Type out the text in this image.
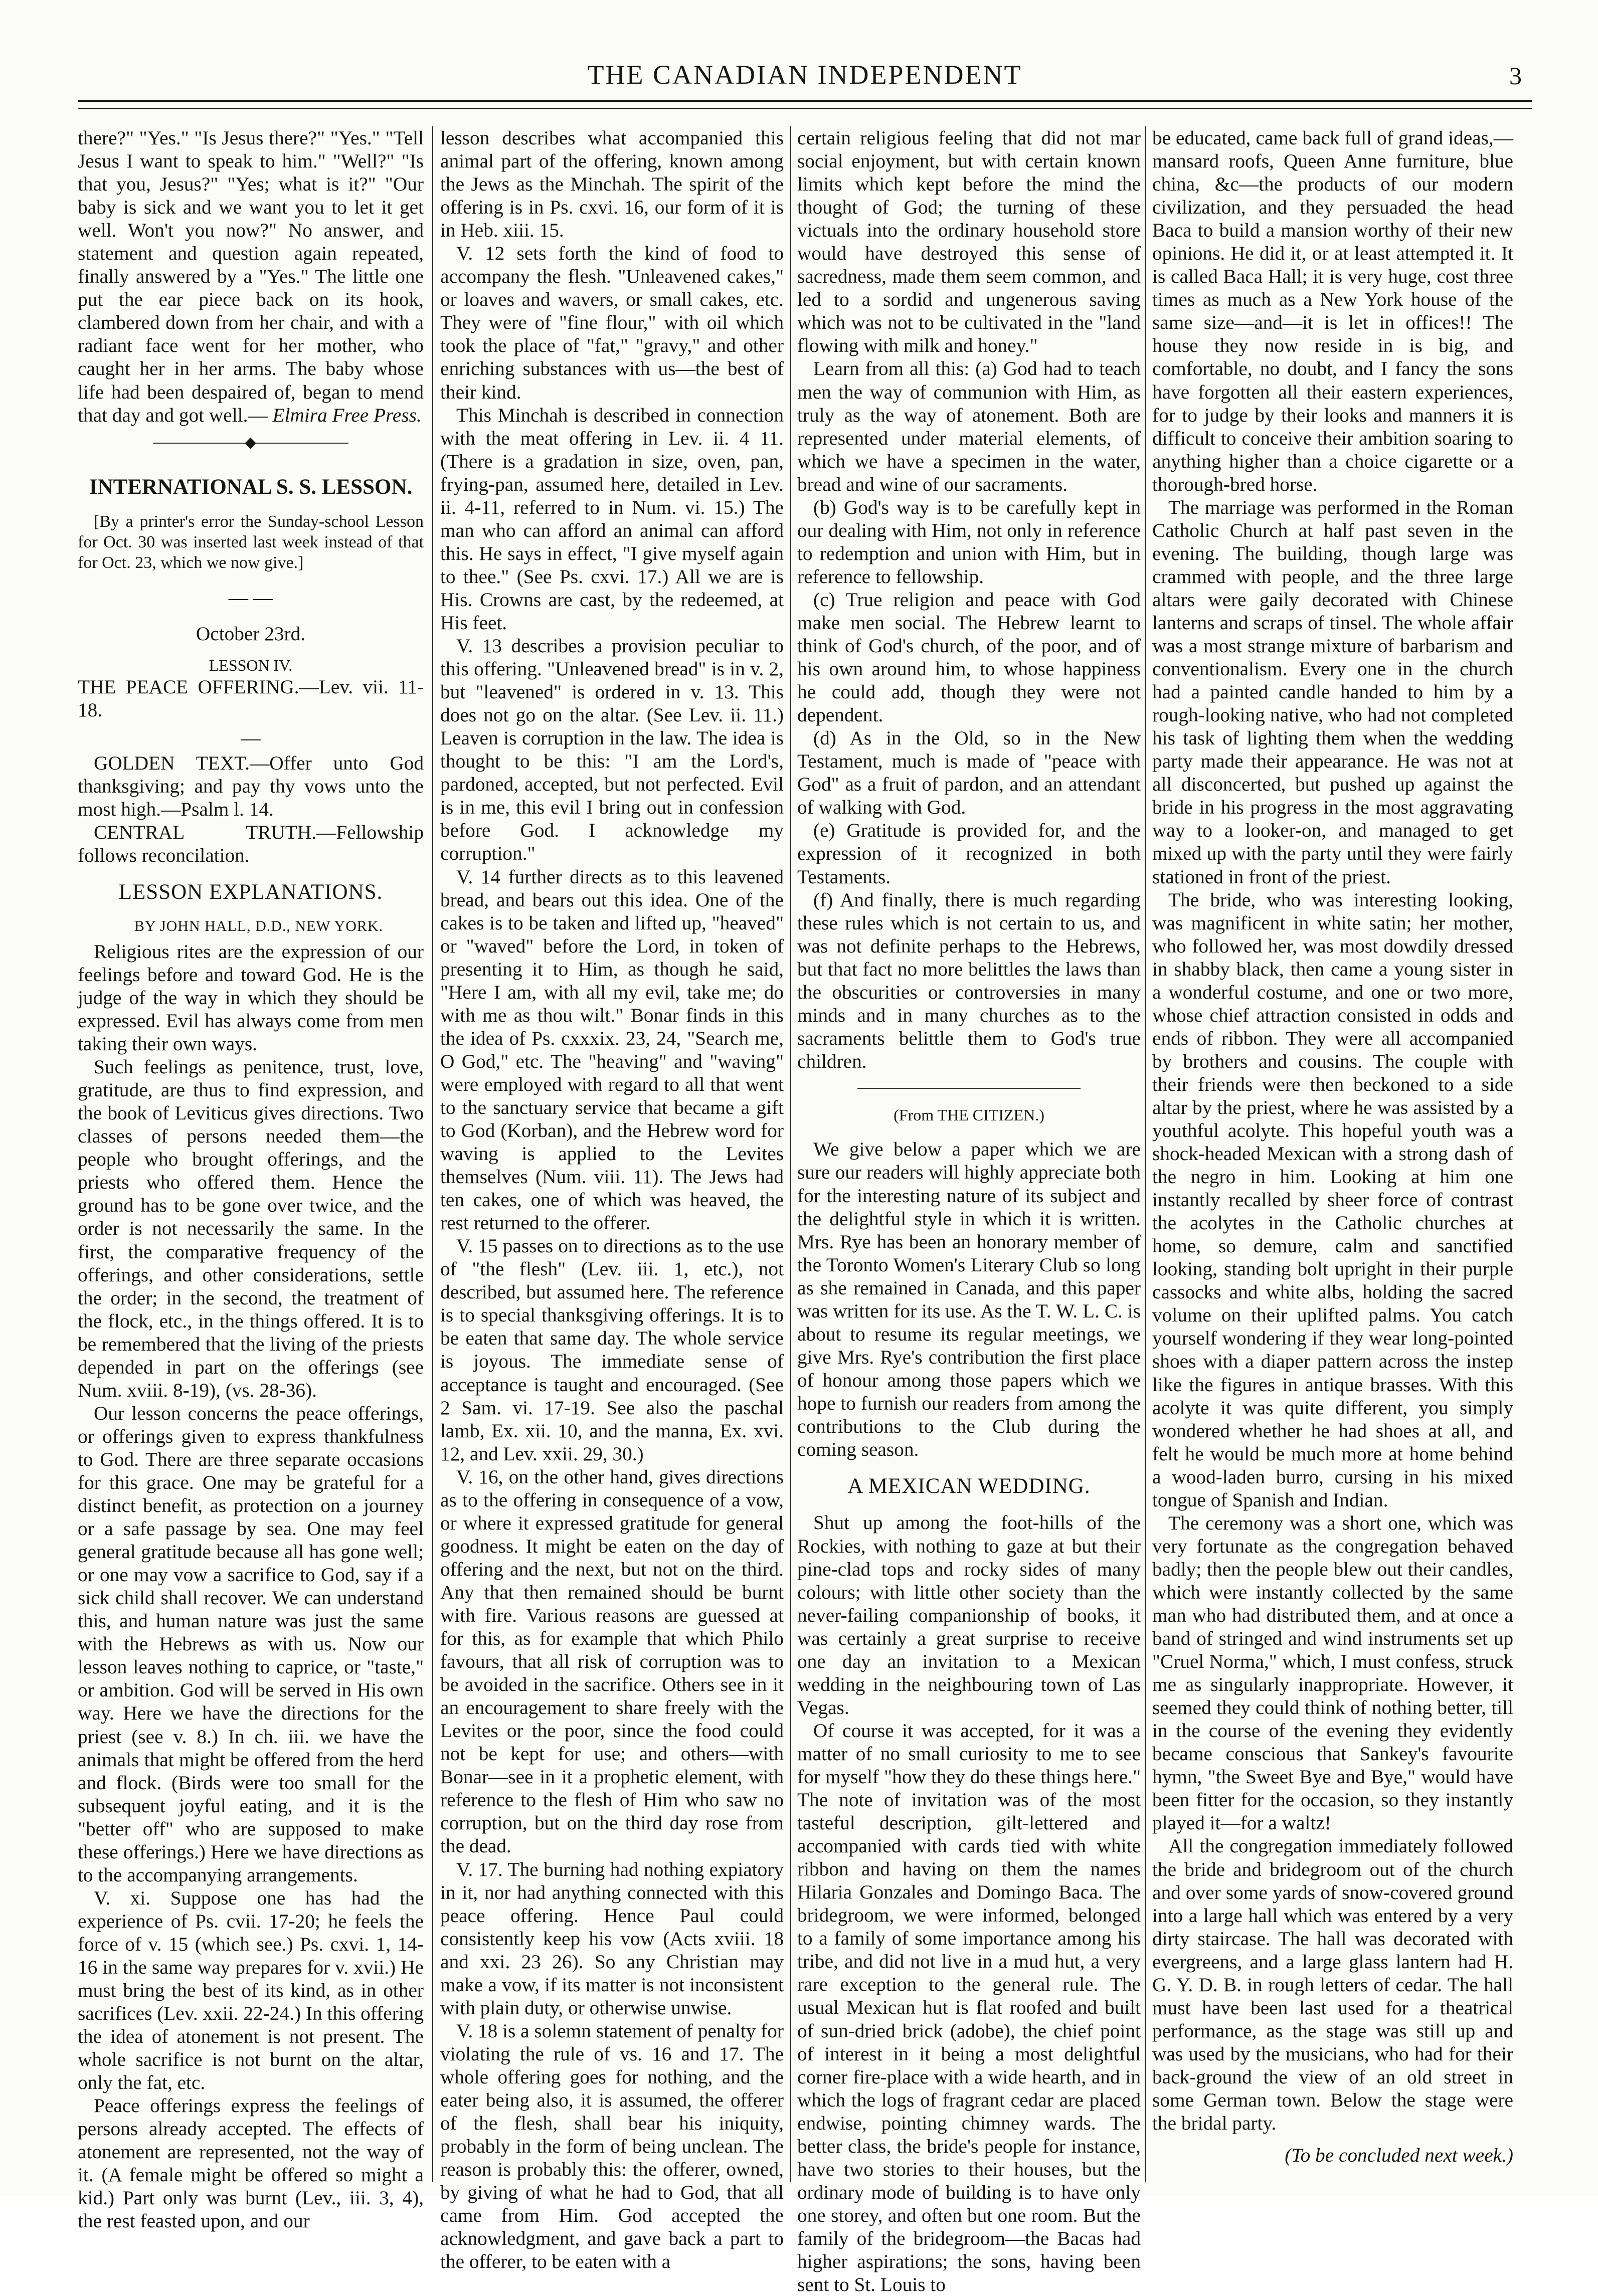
THE CANADIAN INDEPENDENT	3

there?" "Yes." "Is Jesus there?" "Yes." "Tell Jesus I want to speak to him." "Well?" "Is that you, Jesus?" "Yes; what is it?" "Our baby is sick and we want you to let it get well. Won't you now?" No answer, and statement and question again repeated, finally answered by a "Yes." The little one put the ear piece back on its hook, clambered down from her chair, and with a radiant face went for her mother, who caught her in her arms. The baby whose life had been despaired of, began to mend that day and got well.— Elmira Free Press.

◆
INTERNATIONAL S. S. LESSON.

[By a printer's error the Sunday-school Lesson for Oct. 30 was inserted last week instead of that for Oct. 23, which we now give.]

— —

October 23rd.

LESSON IV.

THE PEACE OFFERING.—Lev. vii. 11-18.

—

GOLDEN TEXT.—Offer unto God thanksgiving; and pay thy vows unto the most high.—Psalm l. 14.

CENTRAL TRUTH.—Fellowship follows reconcilation.

LESSON EXPLANATIONS.

BY JOHN HALL, D.D., NEW YORK.

Religious rites are the expression of our feelings before and toward God. He is the judge of the way in which they should be expressed. Evil has always come from men taking their own ways.

Such feelings as penitence, trust, love, gratitude, are thus to find expression, and the book of Leviticus gives directions. Two classes of persons needed them—the people who brought offerings, and the priests who offered them. Hence the ground has to be gone over twice, and the order is not necessarily the same. In the first, the comparative frequency of the offerings, and other considerations, settle the order; in the second, the treatment of the flock, etc., in the things offered. It is to be remembered that the living of the priests depended in part on the offerings (see Num. xviii. 8-19), (vs. 28-36).

Our lesson concerns the peace offerings, or offerings given to express thankfulness to God. There are three separate occasions for this grace. One may be grateful for a distinct benefit, as protection on a journey or a safe passage by sea. One may feel general gratitude because all has gone well; or one may vow a sacrifice to God, say if a sick child shall recover. We can understand this, and human nature was just the same with the Hebrews as with us. Now our lesson leaves nothing to caprice, or "taste," or ambition. God will be served in His own way. Here we have the directions for the priest (see v. 8.) In ch. iii. we have the animals that might be offered from the herd and flock. (Birds were too small for the subsequent joyful eating, and it is the "better off" who are supposed to make these offerings.) Here we have directions as to the accompanying arrangements.

V. xi. Suppose one has had the experience of Ps. cvii. 17-20; he feels the force of v. 15 (which see.) Ps. cxvi. 1, 14-16 in the same way prepares for v. xvii.) He must bring the best of its kind, as in other sacrifices (Lev. xxii. 22-24.) In this offering the idea of atonement is not present. The whole sacrifice is not burnt on the altar, only the fat, etc.

Peace offerings express the feelings of persons already accepted. The effects of atonement are represented, not the way of it. (A female might be offered so might a kid.) Part only was burnt (Lev., iii. 3, 4), the rest feasted upon, and our

lesson describes what accompanied this animal part of the offering, known among the Jews as the Minchah. The spirit of the offering is in Ps. cxvi. 16, our form of it is in Heb. xiii. 15.

V. 12 sets forth the kind of food to accompany the flesh. "Unleavened cakes," or loaves and wavers, or small cakes, etc. They were of "fine flour," with oil which took the place of "fat," "gravy," and other enriching substances with us—the best of their kind.

This Minchah is described in connection with the meat offering in Lev. ii. 4 11. (There is a gradation in size, oven, pan, frying-pan, assumed here, detailed in Lev. ii. 4-11, referred to in Num. vi. 15.) The man who can afford an animal can afford this. He says in effect, "I give myself again to thee." (See Ps. cxvi. 17.) All we are is His. Crowns are cast, by the redeemed, at His feet.

V. 13 describes a provision peculiar to this offering. "Unleavened bread" is in v. 2, but "leavened" is ordered in v. 13. This does not go on the altar. (See Lev. ii. 11.) Leaven is corruption in the law. The idea is thought to be this: "I am the Lord's, pardoned, accepted, but not perfected. Evil is in me, this evil I bring out in confession before God. I acknowledge my corruption."

V. 14 further directs as to this leavened bread, and bears out this idea. One of the cakes is to be taken and lifted up, "heaved" or "waved" before the Lord, in token of presenting it to Him, as though he said, "Here I am, with all my evil, take me; do with me as thou wilt." Bonar finds in this the idea of Ps. cxxxix. 23, 24, "Search me, O God," etc. The "heaving" and "waving" were employed with regard to all that went to the sanctuary service that became a gift to God (Korban), and the Hebrew word for waving is applied to the Levites themselves (Num. viii. 11). The Jews had ten cakes, one of which was heaved, the rest returned to the offerer.

V. 15 passes on to directions as to the use of "the flesh" (Lev. iii. 1, etc.), not described, but assumed here. The reference is to special thanksgiving offerings. It is to be eaten that same day. The whole service is joyous. The immediate sense of acceptance is taught and encouraged. (See 2 Sam. vi. 17-19. See also the paschal lamb, Ex. xii. 10, and the manna, Ex. xvi. 12, and Lev. xxii. 29, 30.)

V. 16, on the other hand, gives directions as to the offering in consequence of a vow, or where it expressed gratitude for general goodness. It might be eaten on the day of offering and the next, but not on the third. Any that then remained should be burnt with fire. Various reasons are guessed at for this, as for example that which Philo favours, that all risk of corruption was to be avoided in the sacrifice. Others see in it an encouragement to share freely with the Levites or the poor, since the food could not be kept for use; and others—with Bonar—see in it a prophetic element, with reference to the flesh of Him who saw no corruption, but on the third day rose from the dead.

V. 17. The burning had nothing expiatory in it, nor had anything connected with this peace offering. Hence Paul could consistently keep his vow (Acts xviii. 18 and xxi. 23 26). So any Christian may make a vow, if its matter is not inconsistent with plain duty, or otherwise unwise.

V. 18 is a solemn statement of penalty for violating the rule of vs. 16 and 17. The whole offering goes for nothing, and the eater being also, it is assumed, the offerer of the flesh, shall bear his iniquity, probably in the form of being unclean. The reason is probably this: the offerer, owned, by giving of what he had to God, that all came from Him. God accepted the acknowledgment, and gave back a part to the offerer, to be eaten with a

certain religious feeling that did not mar social enjoyment, but with certain known limits which kept before the mind the thought of God; the turning of these victuals into the ordinary household store would have destroyed this sense of sacredness, made them seem common, and led to a sordid and ungenerous saving which was not to be cultivated in the "land flowing with milk and honey."

Learn from all this: (a) God had to teach men the way of communion with Him, as truly as the way of atonement. Both are represented under material elements, of which we have a specimen in the water, bread and wine of our sacraments.

(b) God's way is to be carefully kept in our dealing with Him, not only in reference to redemption and union with Him, but in reference to fellowship.

(c) True religion and peace with God make men social. The Hebrew learnt to think of God's church, of the poor, and of his own around him, to whose happiness he could add, though they were not dependent.

(d) As in the Old, so in the New Testament, much is made of "peace with God" as a fruit of pardon, and an attendant of walking with God.

(e) Gratitude is provided for, and the expression of it recognized in both Testaments.

(f) And finally, there is much regarding these rules which is not certain to us, and was not definite perhaps to the Hebrews, but that fact no more belittles the laws than the obscurities or controversies in many minds and in many churches as to the sacraments belittle them to God's true children.

(From THE CITIZEN.)

We give below a paper which we are sure our readers will highly appreciate both for the interesting nature of its subject and the delightful style in which it is written. Mrs. Rye has been an honorary member of the Toronto Women's Literary Club so long as she remained in Canada, and this paper was written for its use. As the T. W. L. C. is about to resume its regular meetings, we give Mrs. Rye's contribution the first place of honour among those papers which we hope to furnish our readers from among the contributions to the Club during the coming season.

A MEXICAN WEDDING.

Shut up among the foot-hills of the Rockies, with nothing to gaze at but their pine-clad tops and rocky sides of many colours; with little other society than the never-failing companionship of books, it was certainly a great surprise to receive one day an invitation to a Mexican wedding in the neighbouring town of Las Vegas.

Of course it was accepted, for it was a matter of no small curiosity to me to see for myself "how they do these things here." The note of invitation was of the most tasteful description, gilt-lettered and accompanied with cards tied with white ribbon and having on them the names Hilaria Gonzales and Domingo Baca. The bridegroom, we were informed, belonged to a family of some importance among his tribe, and did not live in a mud hut, a very rare exception to the general rule. The usual Mexican hut is flat roofed and built of sun-dried brick (adobe), the chief point of interest in it being a most delightful corner fire-place with a wide hearth, and in which the logs of fragrant cedar are placed endwise, pointing chimney wards. The better class, the bride's people for instance, have two stories to their houses, but the ordinary mode of building is to have only one storey, and often but one room. But the family of the bridegroom—the Bacas had higher aspirations; the sons, having been sent to St. Louis to

be educated, came back full of grand ideas,—mansard roofs, Queen Anne furniture, blue china, &c—the products of our modern civilization, and they persuaded the head Baca to build a mansion worthy of their new opinions. He did it, or at least attempted it. It is called Baca Hall; it is very huge, cost three times as much as a New York house of the same size—and—it is let in offices!! The house they now reside in is big, and comfortable, no doubt, and I fancy the sons have forgotten all their eastern experiences, for to judge by their looks and manners it is difficult to conceive their ambition soaring to anything higher than a choice cigarette or a thorough-bred horse.

The marriage was performed in the Roman Catholic Church at half past seven in the evening. The building, though large was crammed with people, and the three large altars were gaily decorated with Chinese lanterns and scraps of tinsel. The whole affair was a most strange mixture of barbarism and conventionalism. Every one in the church had a painted candle handed to him by a rough-looking native, who had not completed his task of lighting them when the wedding party made their appearance. He was not at all disconcerted, but pushed up against the bride in his progress in the most aggravating way to a looker-on, and managed to get mixed up with the party until they were fairly stationed in front of the priest.

The bride, who was interesting looking, was magnificent in white satin; her mother, who followed her, was most dowdily dressed in shabby black, then came a young sister in a wonderful costume, and one or two more, whose chief attraction consisted in odds and ends of ribbon. They were all accompanied by brothers and cousins. The couple with their friends were then beckoned to a side altar by the priest, where he was assisted by a youthful acolyte. This hopeful youth was a shock-headed Mexican with a strong dash of the negro in him. Looking at him one instantly recalled by sheer force of contrast the acolytes in the Catholic churches at home, so demure, calm and sanctified looking, standing bolt upright in their purple cassocks and white albs, holding the sacred volume on their uplifted palms. You catch yourself wondering if they wear long-pointed shoes with a diaper pattern across the instep like the figures in antique brasses. With this acolyte it was quite different, you simply wondered whether he had shoes at all, and felt he would be much more at home behind a wood-laden burro, cursing in his mixed tongue of Spanish and Indian.

The ceremony was a short one, which was very fortunate as the congregation behaved badly; then the people blew out their candles, which were instantly collected by the same man who had distributed them, and at once a band of stringed and wind instruments set up "Cruel Norma," which, I must confess, struck me as singularly inappropriate. However, it seemed they could think of nothing better, till in the course of the evening they evidently became conscious that Sankey's favourite hymn, "the Sweet Bye and Bye," would have been fitter for the occasion, so they instantly played it—for a waltz!

All the congregation immediately followed the bride and bridegroom out of the church and over some yards of snow-covered ground into a large hall which was entered by a very dirty staircase. The hall was decorated with evergreens, and a large glass lantern had H. G. Y. D. B. in rough letters of cedar. The hall must have been last used for a theatrical performance, as the stage was still up and was used by the musicians, who had for their back-ground the view of an old street in some German town. Below the stage were the bridal party.

(To be concluded next week.)
